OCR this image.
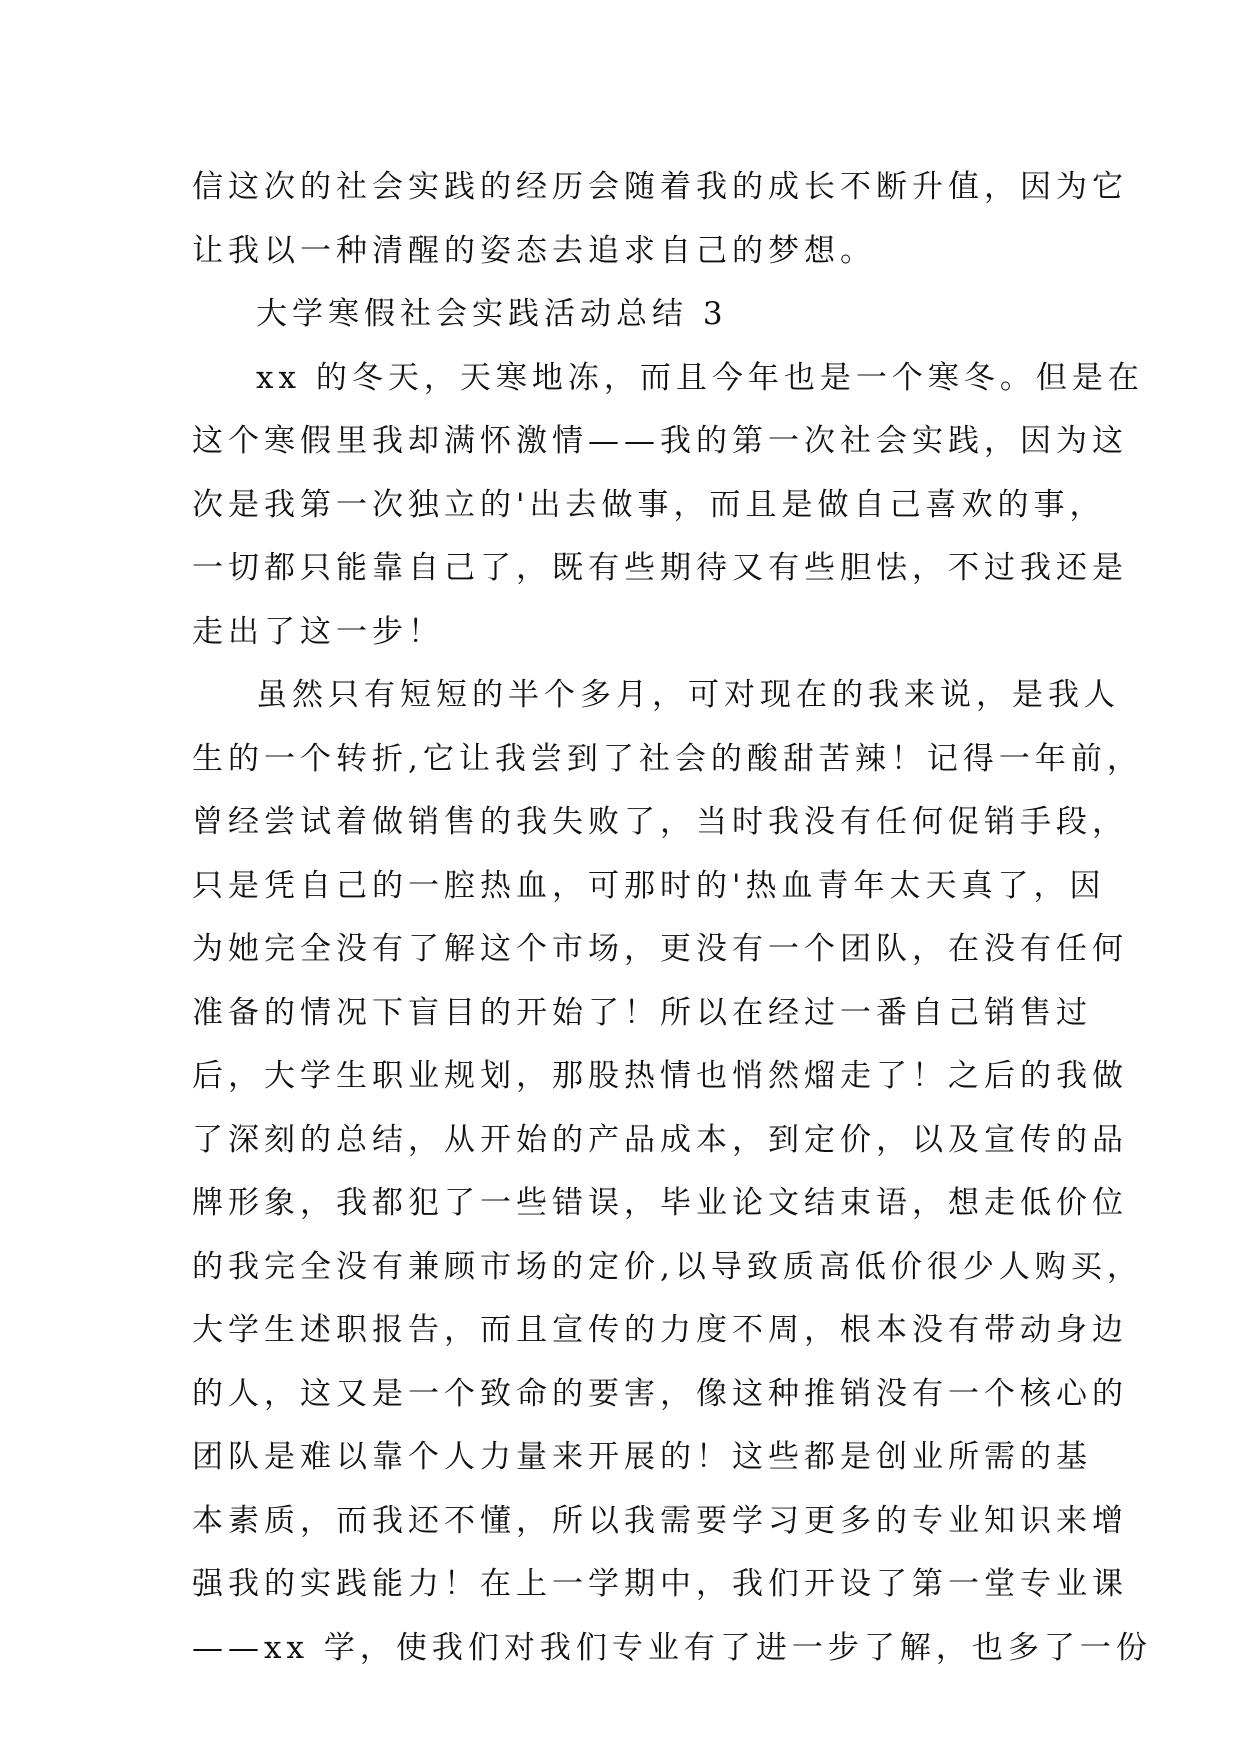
信这次的社会实践的经历会随着我的成长不断升值，因为它
让我以一种清醒的姿态去追求自己的梦想。
大学寒假社会实践活动总结 3
xx 的冬天，天寒地冻，而且今年也是一个寒冬。但是在
这个寒假里我却满怀激情——我的第一次社会实践，因为这
次是我第一次独立的'出去做事，而且是做自己喜欢的事，
一切都只能靠自己了，既有些期待又有些胆怯，不过我还是
走出了这一步！
虽然只有短短的半个多月，可对现在的我来说，是我人
生的一个转折,它让我尝到了社会的酸甜苦辣！记得一年前，
曾经尝试着做销售的我失败了，当时我没有任何促销手段，
只是凭自己的一腔热血，可那时的'热血青年太天真了，因
为她完全没有了解这个市场，更没有一个团队，在没有任何
准备的情况下盲目的开始了！所以在经过一番自己销售过
后，大学生职业规划，那股热情也悄然熘走了！之后的我做
了深刻的总结，从开始的产品成本，到定价，以及宣传的品
牌形象，我都犯了一些错误，毕业论文结束语，想走低价位
的我完全没有兼顾市场的定价,以导致质高低价很少人购买，
大学生述职报告，而且宣传的力度不周，根本没有带动身边
的人，这又是一个致命的要害，像这种推销没有一个核心的
团队是难以靠个人力量来开展的！这些都是创业所需的基
本素质，而我还不懂，所以我需要学习更多的专业知识来增
强我的实践能力！在上一学期中，我们开设了第一堂专业课
——xx 学，使我们对我们专业有了进一步了解，也多了一份
